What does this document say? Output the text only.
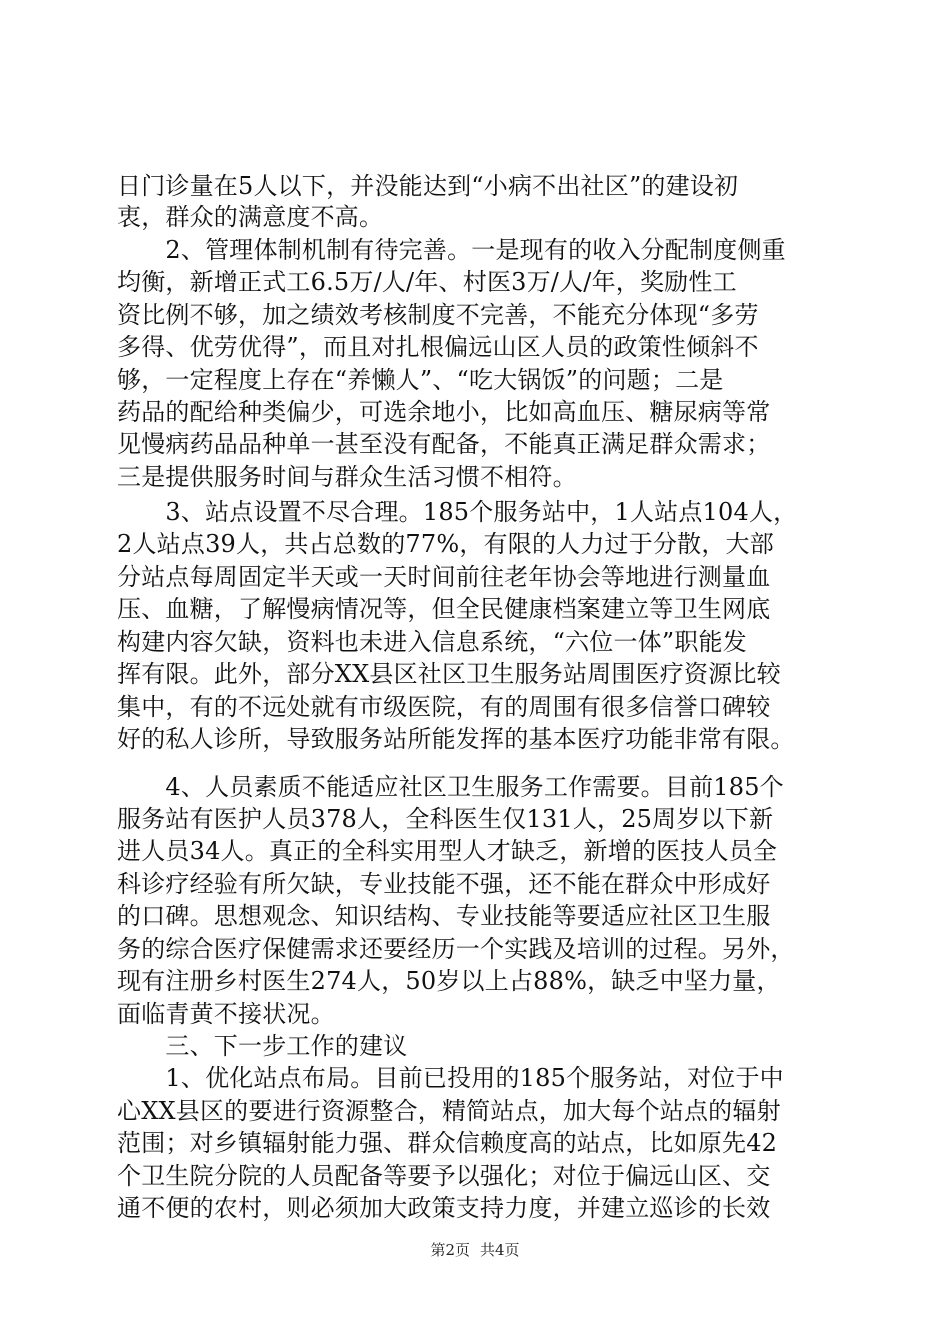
日门诊量在5人以下，并没能达到“小病不出社区”的建设初
衷，群众的满意度不高。
　　2、管理体制机制有待完善。一是现有的收入分配制度侧重
均衡，新增正式工6.5万/人/年、村医3万/人/年，奖励性工
资比例不够，加之绩效考核制度不完善，不能充分体现“多劳
多得、优劳优得”，而且对扎根偏远山区人员的政策性倾斜不
够，一定程度上存在“养懒人”、“吃大锅饭”的问题；二是
药品的配给种类偏少，可选余地小，比如高血压、糖尿病等常
见慢病药品品种单一甚至没有配备，不能真正满足群众需求；
三是提供服务时间与群众生活习惯不相符。
　　3、站点设置不尽合理。185个服务站中，1人站点104人，
2人站点39人，共占总数的77%，有限的人力过于分散，大部
分站点每周固定半天或一天时间前往老年协会等地进行测量血
压、血糖，了解慢病情况等，但全民健康档案建立等卫生网底
构建内容欠缺，资料也未进入信息系统，“六位一体”职能发
挥有限。此外，部分XX县区社区卫生服务站周围医疗资源比较
集中，有的不远处就有市级医院，有的周围有很多信誉口碑较
好的私人诊所，导致服务站所能发挥的基本医疗功能非常有限。
　　4、人员素质不能适应社区卫生服务工作需要。目前185个
服务站有医护人员378人，全科医生仅131人，25周岁以下新
进人员34人。真正的全科实用型人才缺乏，新增的医技人员全
科诊疗经验有所欠缺，专业技能不强，还不能在群众中形成好
的口碑。思想观念、知识结构、专业技能等要适应社区卫生服
务的综合医疗保健需求还要经历一个实践及培训的过程。另外，
现有注册乡村医生274人，50岁以上占88%，缺乏中坚力量，
面临青黄不接状况。
　　三、下一步工作的建议
　　1、优化站点布局。目前已投用的185个服务站，对位于中
心XX县区的要进行资源整合，精简站点，加大每个站点的辐射
范围；对乡镇辐射能力强、群众信赖度高的站点，比如原先42
个卫生院分院的人员配备等要予以强化；对位于偏远山区、交
通不便的农村，则必须加大政策支持力度，并建立巡诊的长效
第2页 共4页
